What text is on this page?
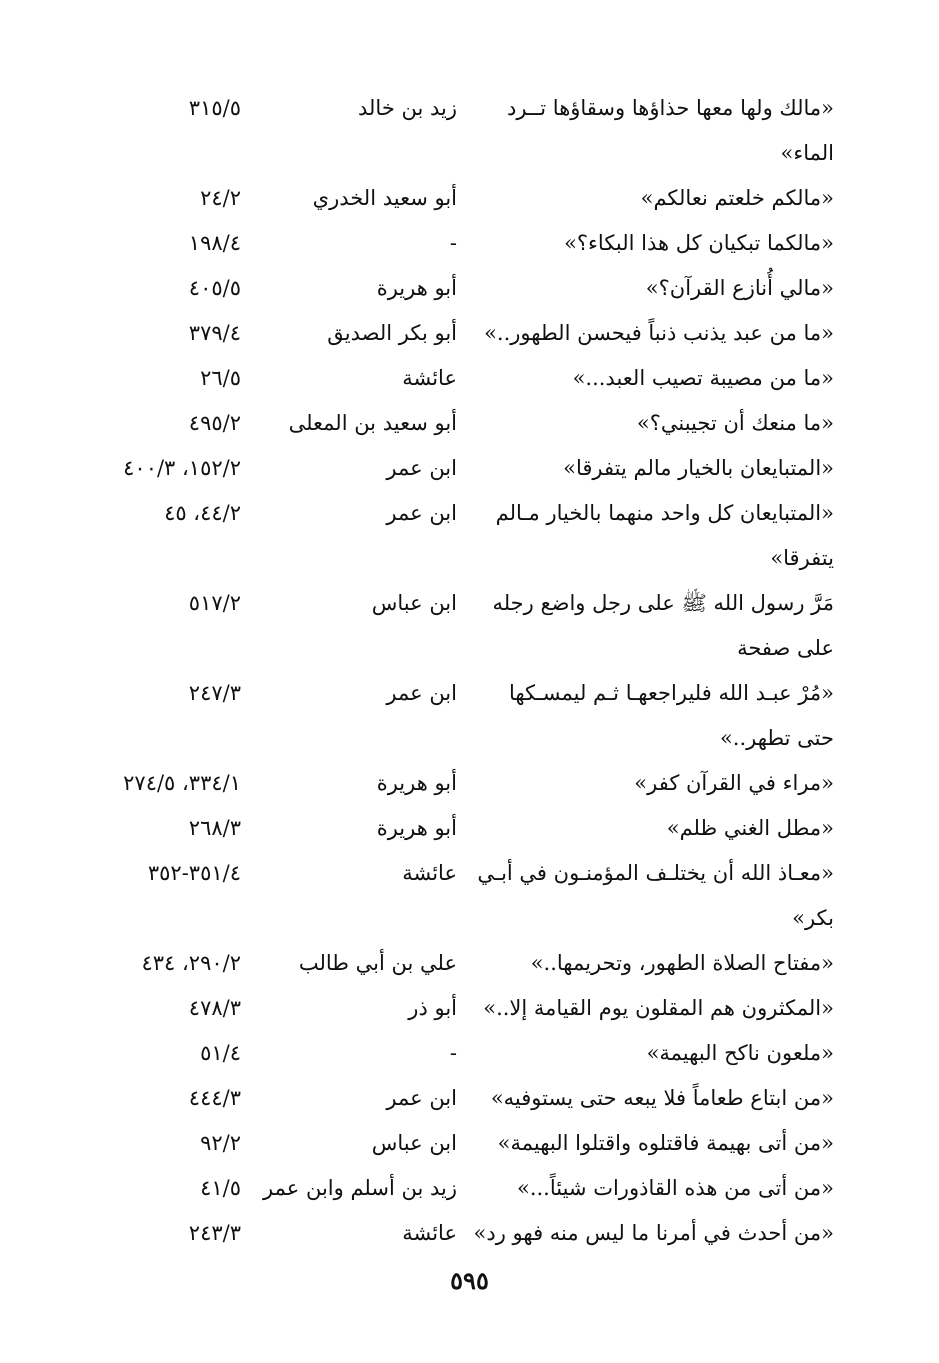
«مالك ولها معها حذاؤها وسقاؤها تــرد
زيد بن خالد
٣١٥/٥
الماء»
«مالكم خلعتم نعالكم»
أبو سعيد الخدري
٢٤/٢
«مالكما تبكيان كل هذا البكاء؟»
-
١٩٨/٤
«مالي أُنازع القرآن؟»
أبو هريرة
٤٠٥/٥
«ما من عبد يذنب ذنباً فيحسن الطهور..»
أبو بكر الصديق
٣٧٩/٤
«ما من مصيبة تصيب العبد...»
عائشة
٢٦/٥
«ما منعك أن تجيبني؟»
أبو سعيد بن المعلى
٤٩٥/٢
«المتبايعان بالخيار مالم يتفرقا»
ابن عمر
١٥٢/٢، ٤٠٠/٣
«المتبايعان كل واحد منهما بالخيار مـالم
ابن عمر
٤٤/٢، ٤٥
يتفرقا»
مَرَّ رسول الله ﷺ على رجل واضع رجله
ابن عباس
٥١٧/٢
على صفحة
«مُرْ عبـد الله فليراجعهـا ثـم ليمسـكها
ابن عمر
٢٤٧/٣
حتى تطهر..»
«مراء في القرآن كفر»
أبو هريرة
٣٣٤/١، ٢٧٤/٥
«مطل الغني ظلم»
أبو هريرة
٢٦٨/٣
«معـاذ الله أن يختلـف المؤمنـون في أبـي
عائشة
٣٥١/٤-٣٥٢
بكر»
«مفتاح الصلاة الطهور، وتحريمها..»
علي بن أبي طالب
٢٩٠/٢، ٤٣٤
«المكثرون هم المقلون يوم القيامة إلا..»
أبو ذر
٤٧٨/٣
«ملعون ناكح البهيمة»
-
٥١/٤
«من ابتاع طعاماً فلا يبعه حتى يستوفيه»
ابن عمر
٤٤٤/٣
«من أتى بهيمة فاقتلوه واقتلوا البهيمة»
ابن عباس
٩٢/٢
«من أتى من هذه القاذورات شيئاً...»
زيد بن أسلم وابن عمر
٤١/٥
«من أحدث في أمرنا ما ليس منه فهو رد»
عائشة
٢٤٣/٣
٥٩٥
